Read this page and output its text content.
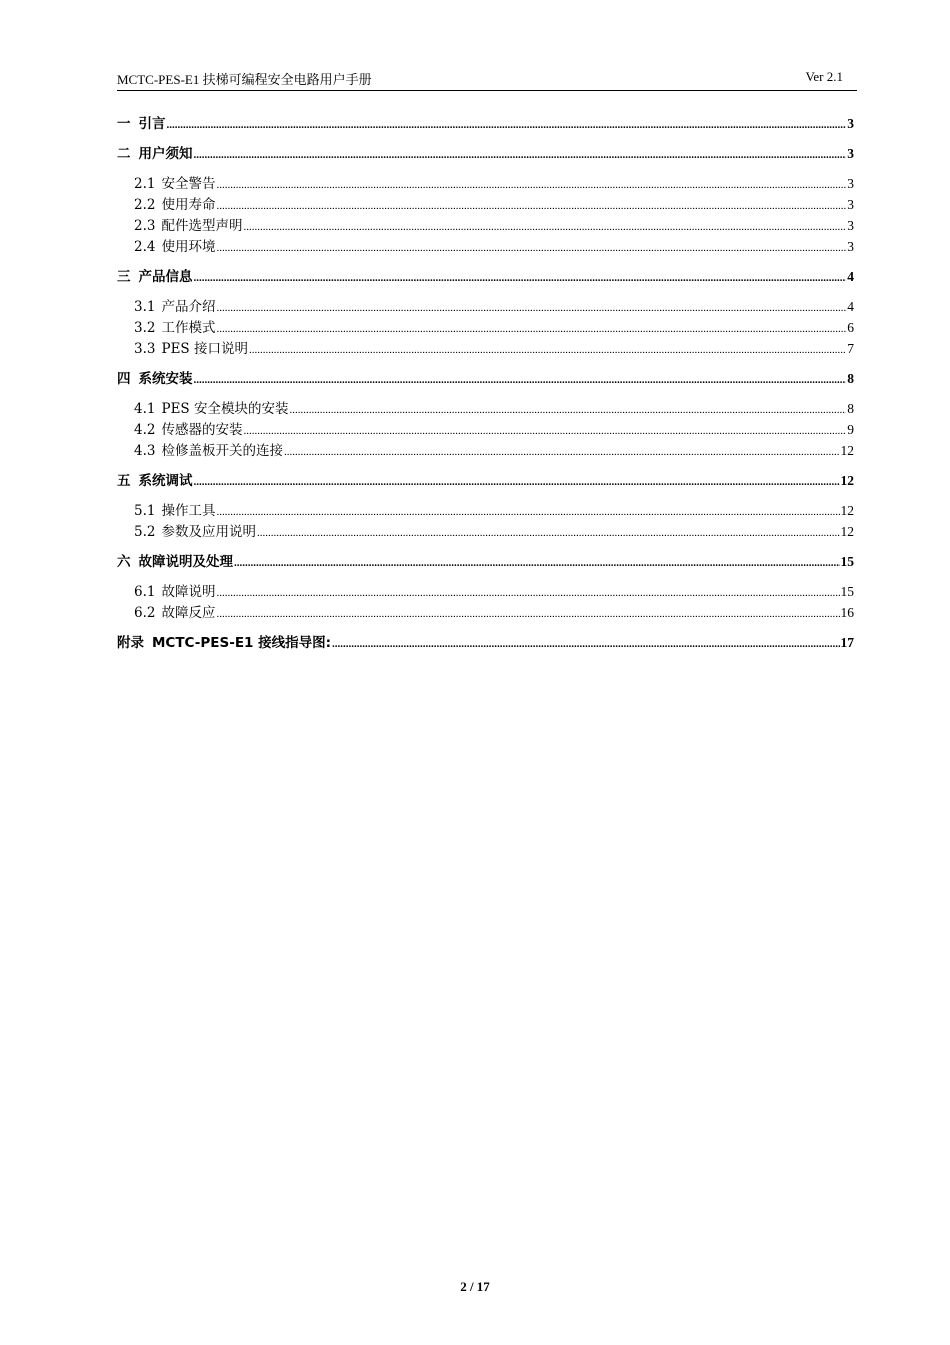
MCTC-PES-E1 扶梯可编程安全电路用户手册	Ver 2.1
一 引言 .....	3
二 用户须知 .....	3
2.1 安全警告 .....	3
2.2 使用寿命 .....	3
2.3 配件选型声明 .....	3
2.4 使用环境 .....	3
三 产品信息 .....	4
3.1 产品介绍 .....	4
3.2 工作模式 .....	6
3.3 PES 接口说明 .....	7
四 系统安装 .....	8
4.1 PES 安全模块的安装 .....	8
4.2 传感器的安装 .....	9
4.3 检修盖板开关的连接 .....	12
五 系统调试 .....	12
5.1 操作工具 .....	12
5.2 参数及应用说明 .....	12
六 故障说明及处理 .....	15
6.1 故障说明 .....	15
6.2 故障反应 .....	16
附录 MCTC-PES-E1 接线指导图: .....	17
2 / 17
